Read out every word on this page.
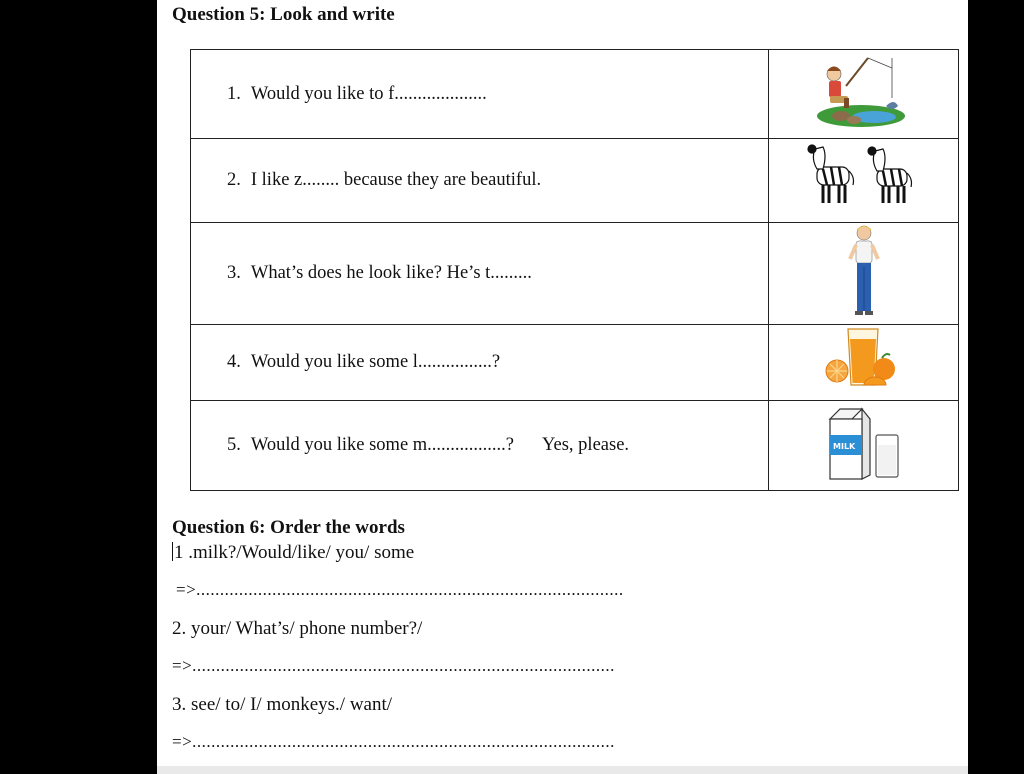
Question 5: Look and write
1. Would you like to f....................	
2. I like z........ because they are beautiful.	
3. What’s does he look like? He’s t.........	
4. Would you like some l................?	
5. Would you like some m.................? Yes, please.	MILK
Question 6: Order the words
1 .milk?/Would/like/ you/ some
=>..........................................................................................
2. your/ What’s/ phone number?/
=>.........................................................................................
3. see/ to/ I/ monkeys./ want/
=>.........................................................................................
